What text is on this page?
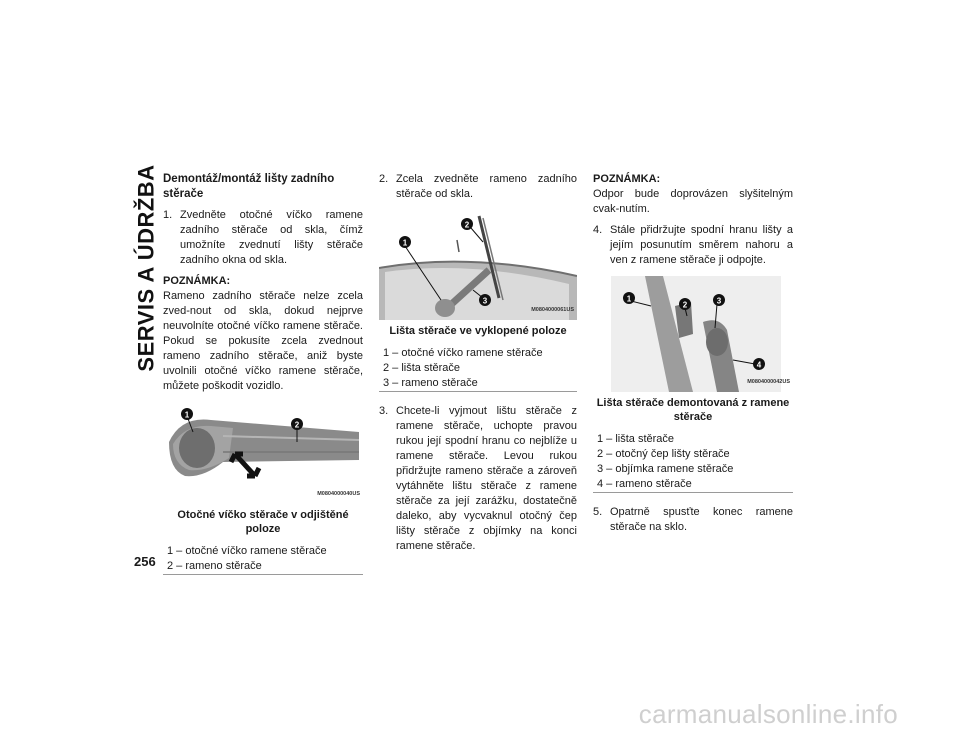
SERVIS A ÚDRŽBA
256
Demontáž/montáž lišty zadního stěrače
1. Zvedněte otočné víčko ramene zadního stěrače od skla, čímž umožníte zvednutí lišty stěrače zadního okna od skla.
POZNÁMKA:

Rameno zadního stěrače nelze zcela zved-nout od skla, dokud nejprve neuvolníte otočné víčko ramene stěrače. Pokud se pokusíte zcela zvednout rameno zadního stěrače, aniž byste uvolnili otočné víčko ramene stěrače, můžete poškodit vozidlo.

1
2
M0804000040US
Otočné víčko stěrače v odjištěné poloze
1 – otočné víčko ramene stěrače
2 – rameno stěrače
2. Zcela zvedněte rameno zadního stěrače od skla.
1
2
3
M0804000061US
Lišta stěrače ve vyklopené poloze
1 – otočné víčko ramene stěrače
2 – lišta stěrače
3 – rameno stěrače
3. Chcete-li vyjmout lištu stěrače z ramene stěrače, uchopte pravou rukou její spodní hranu co nejblíže u ramene stěrače. Levou rukou přidržujte rameno stěrače a zároveň vytáhněte lištu stěrače z ramene stěrače za její zarážku, dostatečně daleko, aby vycvaknul otočný čep lišty stěrače z objímky na konci ramene stěrače.
POZNÁMKA:

Odpor bude doprovázen slyšitelným cvak-nutím.

4. Stále přidržujte spodní hranu lišty a jejím posunutím směrem nahoru a ven z ramene stěrače ji odpojte.
1
2	3
4
M0804000042US
Lišta stěrače demontovaná z ramene stěrače
1 – lišta stěrače
2 – otočný čep lišty stěrače
3 – objímka ramene stěrače
4 – rameno stěrače
5. Opatrně spusťte konec ramene stěrače na sklo.
carmanualsonline.info
